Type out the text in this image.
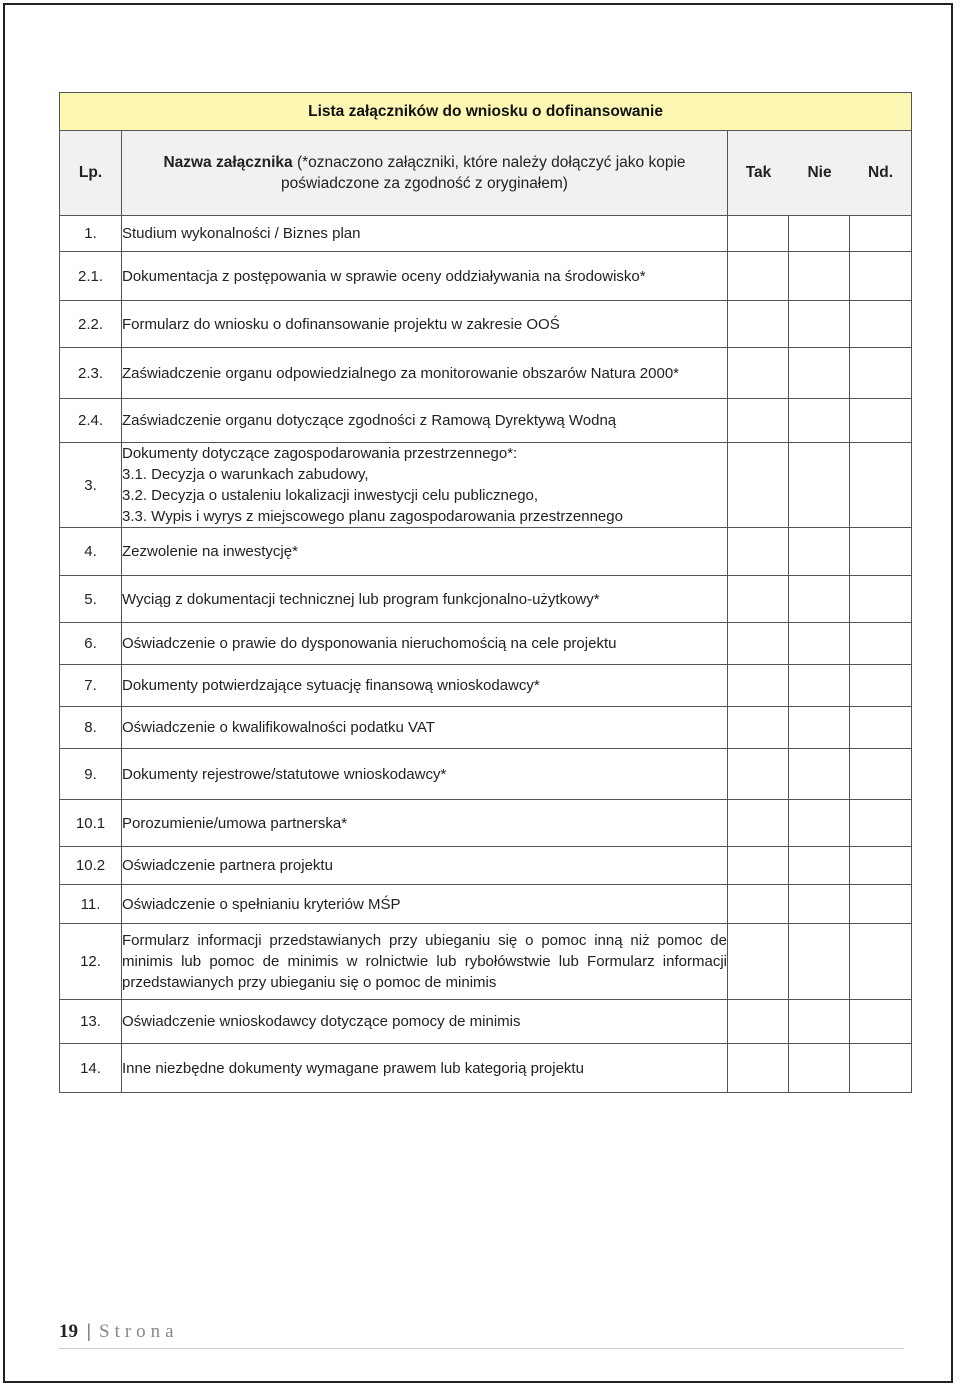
Lista załączników do wniosku o dofinansowanie				
Lp.	Nazwa załącznika (*oznaczono załączniki, które należy dołączyć jako kopie poświadczone za zgodność z oryginałem)	Tak Nie Nd.		

1.	Studium wykonalności / Biznes plan			
2.1.	Dokumentacja z postępowania w sprawie oceny oddziaływania na środowisko*			
2.2.	Formularz do wniosku o dofinansowanie projektu w zakresie OOŚ			
2.3.	Zaświadczenie organu odpowiedzialnego za monitorowanie obszarów Natura 2000*			
2.4.	Zaświadczenie organu dotyczące zgodności z Ramową Dyrektywą Wodną			
3.	Dokumenty dotyczące zagospodarowania przestrzennego*:
3.1. Decyzja o warunkach zabudowy,
3.2. Decyzja o ustaleniu lokalizacji inwestycji celu publicznego,
3.3. Wypis i wyrys z miejscowego planu zagospodarowania przestrzennego			

4.	Zezwolenie na inwestycję*			
5.	Wyciąg z dokumentacji technicznej lub program funkcjonalno-użytkowy*			
6.	Oświadczenie o prawie do dysponowania nieruchomością na cele projektu			
7.	Dokumenty potwierdzające sytuację finansową wnioskodawcy*			
8.	Oświadczenie o kwalifikowalności podatku VAT			
9.	Dokumenty rejestrowe/statutowe wnioskodawcy*			
10.1	Porozumienie/umowa partnerska*			
10.2	Oświadczenie partnera projektu			
11.	Oświadczenie o spełnianiu kryteriów MŚP			
12.	Formularz informacji przedstawianych przy ubieganiu się o pomoc inną niż pomoc de minimis lub pomoc de minimis w rolnictwie lub rybołówstwie lub Formularz informacji przedstawianych przy ubieganiu się o pomoc de minimis			
13.	Oświadczenie wnioskodawcy dotyczące pomocy de minimis			
14.	Inne niezbędne dokumenty wymagane prawem lub kategorią projektu			
19 | Strona
